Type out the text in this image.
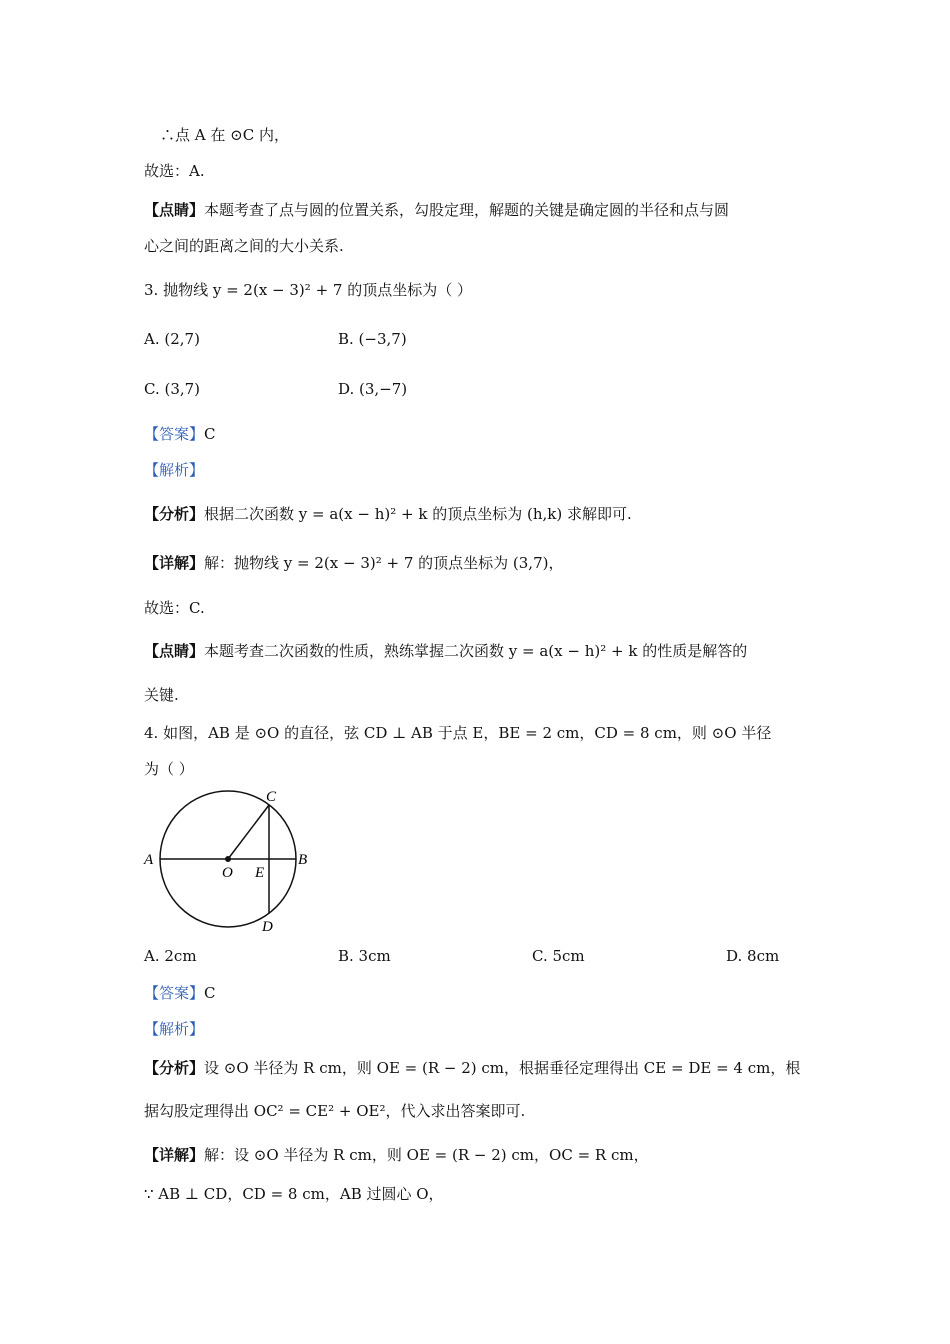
∴点 A 在 ⊙C 内，
故选：A.
【点睛】本题考查了点与圆的位置关系，勾股定理，解题的关键是确定圆的半径和点与圆
心之间的距离之间的大小关系.
3. 抛物线 y = 2(x − 3)² + 7 的顶点坐标为（ ）
A. (2,7)	B. (−3,7)
C. (3,7)	D. (3,−7)
【答案】C
【解析】
【分析】根据二次函数 y = a(x − h)² + k 的顶点坐标为 (h,k) 求解即可.
【详解】解：抛物线 y = 2(x − 3)² + 7 的顶点坐标为 (3,7)，
故选：C.
【点睛】本题考查二次函数的性质，熟练掌握二次函数 y = a(x − h)² + k 的性质是解答的
关键.
4. 如图，AB 是 ⊙O 的直径，弦 CD ⊥ AB 于点 E，BE = 2 cm，CD = 8 cm，则 ⊙O 半径
为（ ）
A	B
C
D
O E
A. 2cm	B. 3cm	C. 5cm	D. 8cm
【答案】C
【解析】
【分析】设 ⊙O 半径为 R cm，则 OE = (R − 2) cm，根据垂径定理得出 CE = DE = 4 cm，根
据勾股定理得出 OC² = CE² + OE²，代入求出答案即可.
【详解】解：设 ⊙O 半径为 R cm，则 OE = (R − 2) cm，OC = R cm，
∵ AB ⊥ CD，CD = 8 cm，AB 过圆心 O，
